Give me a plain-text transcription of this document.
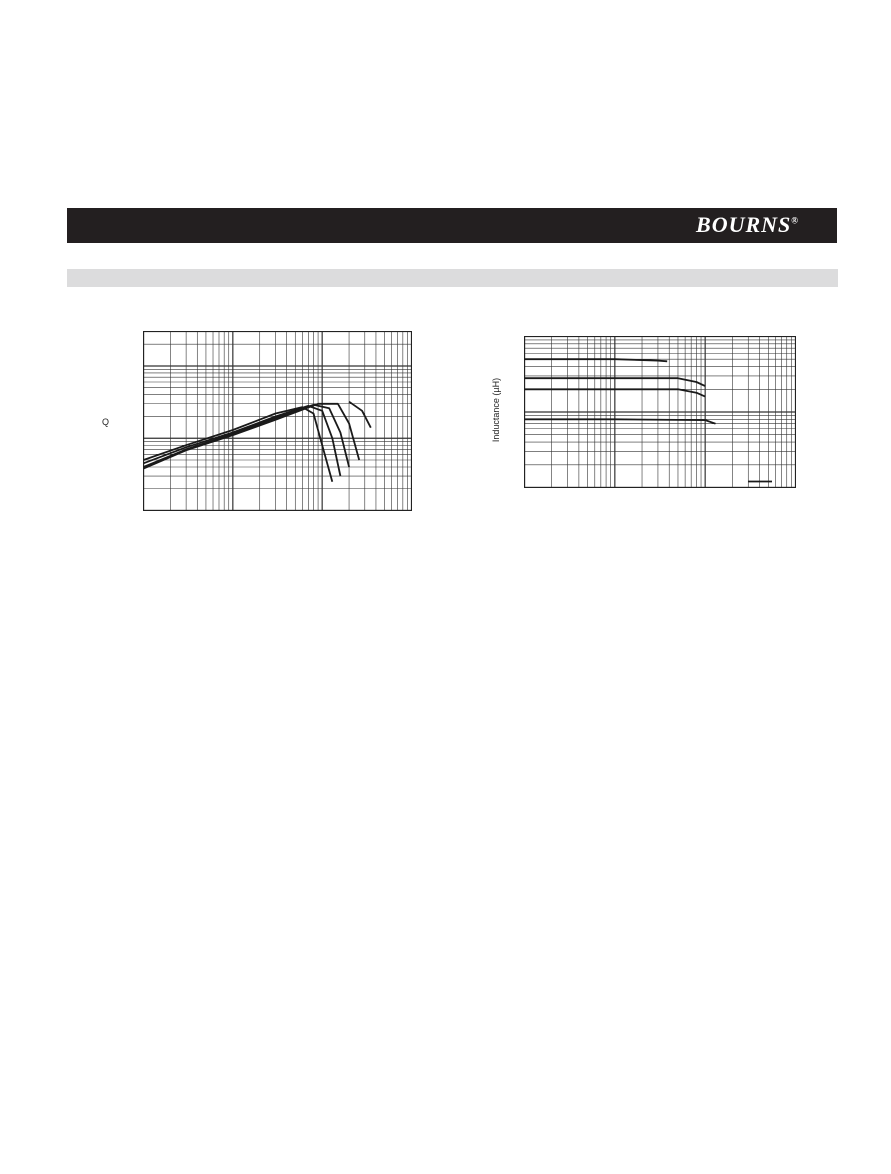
BOURNS®
Q	Inductance (µH)
